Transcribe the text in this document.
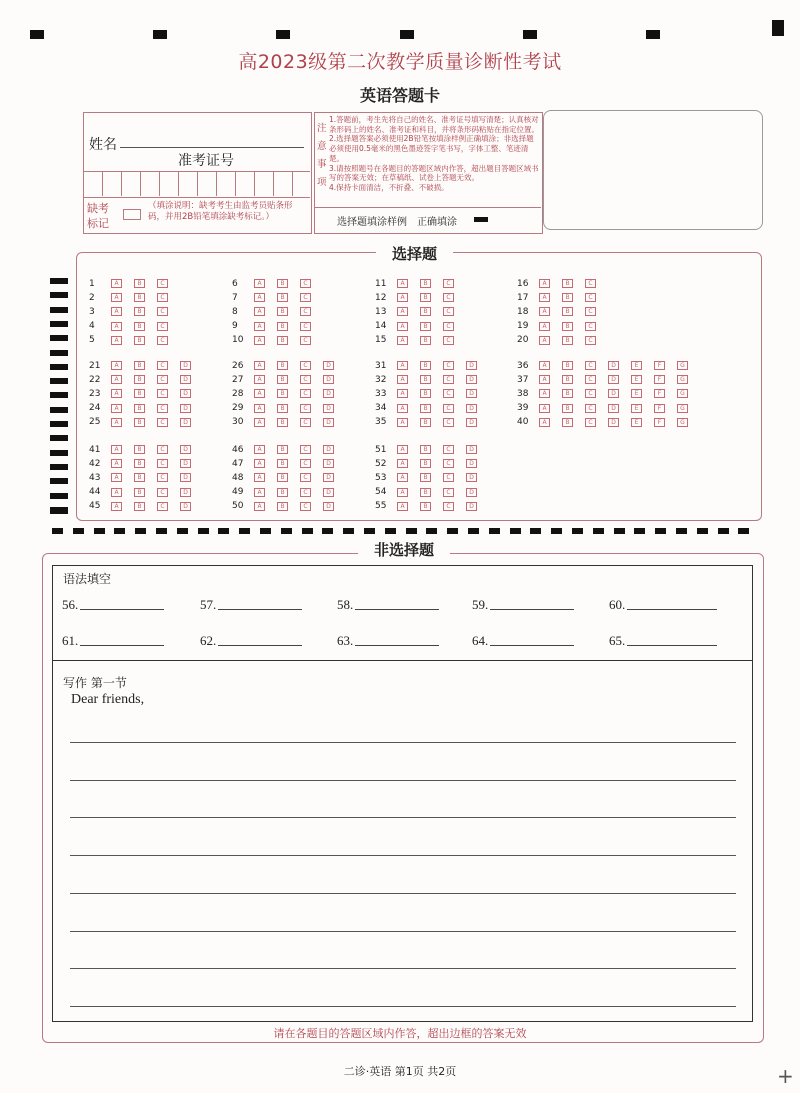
高2023级第二次教学质量诊断性考试
英语答题卡
姓名
准考证号
缺考标记
（填涂说明：缺考考生由监考员贴条形码，并用2B铅笔填涂缺考标记。）
注意事项
1.答题前，考生先将自己的姓名、准考证号填写清楚；认真核对条形码上的姓名、准考证和科目，并将条形码粘贴在指定位置。
2.选择题答案必须使用2B铅笔按填涂样例正确填涂；非选择题必须使用0.5毫米的黑色墨迹签字笔书写，字体工整、笔迹清楚。
3.请按照题号在各题目的答题区域内作答，超出题目答题区域书写的答案无效；在草稿纸、试卷上答题无效。
4.保持卡面清洁，不折叠、不破损。
选择题填涂样例 正确填涂
选择题
1	A	B	C
2	A	B	C
3	A	B	C
4	A	B	C
5	A	B	C
6	A	B	C
7	A	B	C
8	A	B	C
9	A	B	C
10	A	B	C
11	A	B	C
12	A	B	C
13	A	B	C
14	A	B	C
15	A	B	C
16	A	B	C
17	A	B	C
18	A	B	C
19	A	B	C
20	A	B	C
21	A	B	C	D
22	A	B	C	D
23	A	B	C	D
24	A	B	C	D
25	A	B	C	D
26	A	B	C	D
27	A	B	C	D
28	A	B	C	D
29	A	B	C	D
30	A	B	C	D
31	A	B	C	D
32	A	B	C	D
33	A	B	C	D
34	A	B	C	D
35	A	B	C	D
36	A	B	C	D	E	F	G
37	A	B	C	D	E	F	G
38	A	B	C	D	E	F	G
39	A	B	C	D	E	F	G
40	A	B	C	D	E	F	G
41	A	B	C	D
42	A	B	C	D
43	A	B	C	D
44	A	B	C	D
45	A	B	C	D
46	A	B	C	D
47	A	B	C	D
48	A	B	C	D
49	A	B	C	D
50	A	B	C	D
51	A	B	C	D
52	A	B	C	D
53	A	B	C	D
54	A	B	C	D
55	A	B	C	D
非选择题
语法填空
56.	57.	58.	59.	60.
61.	62.	63.	64.	65.
写作 第一节
Dear friends,
请在各题目的答题区域内作答，超出边框的答案无效
二诊·英语 第1页 共2页	+
